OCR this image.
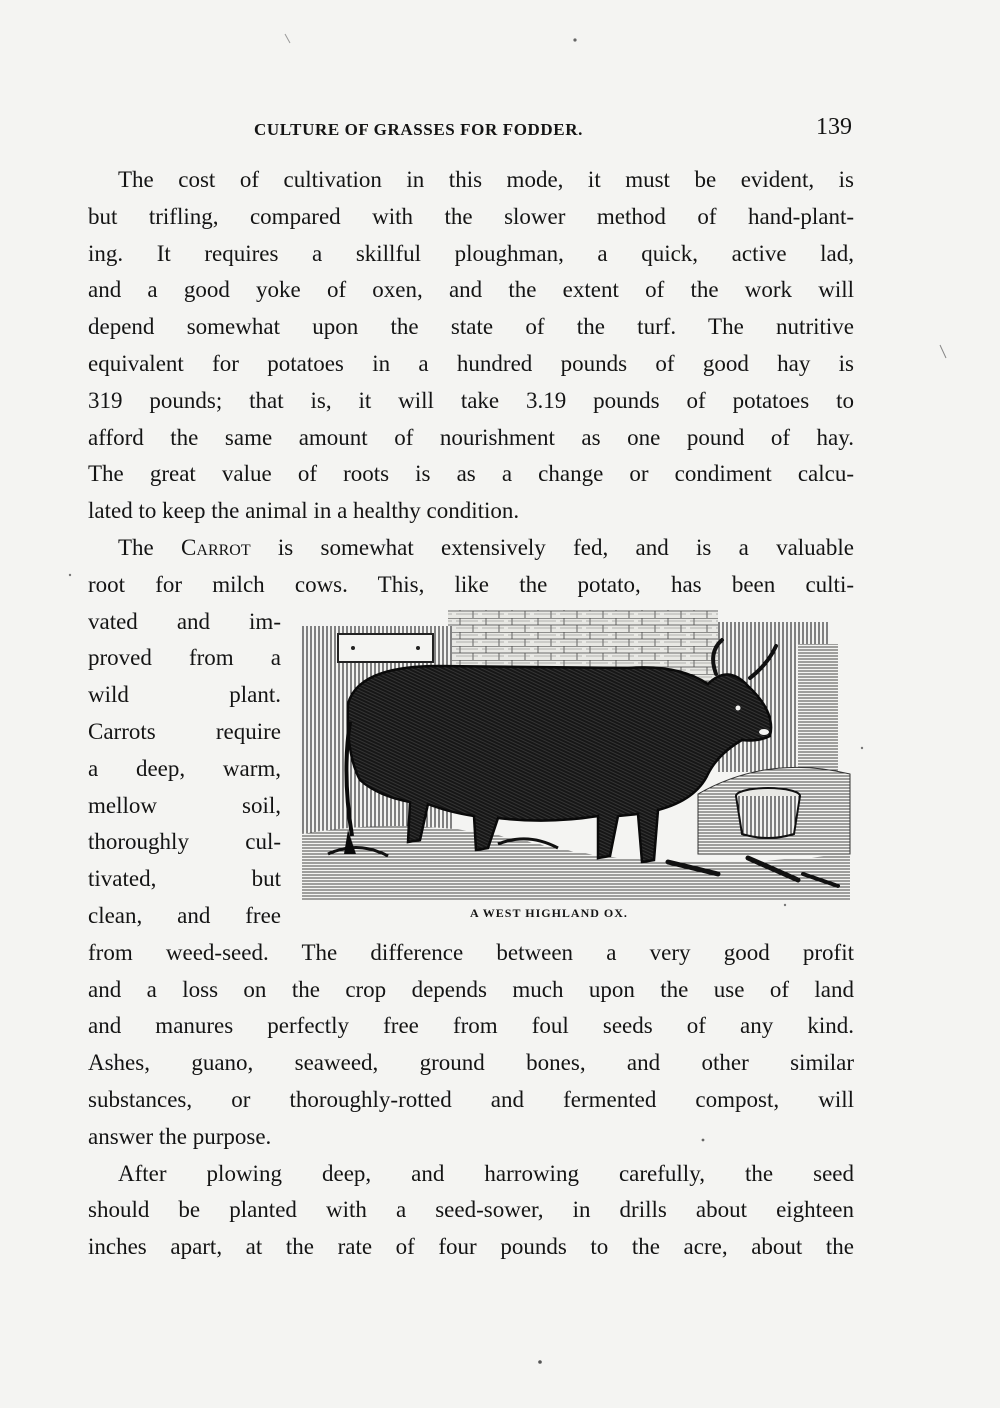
CULTURE OF GRASSES FOR FODDER.	139
The cost of cultivation in this mode, it must be evident, is
but trifling, compared with the slower method of hand-plant-
ing. It requires a skillful ploughman, a quick, active lad,
and a good yoke of oxen, and the extent of the work will
depend somewhat upon the state of the turf. The nutritive
equivalent for potatoes in a hundred pounds of good hay is
319 pounds; that is, it will take 3.19 pounds of potatoes to
afford the same amount of nourishment as one pound of hay.
The great value of roots is as a change or condiment calcu-
lated to keep the animal in a healthy condition.
The Carrot is somewhat extensively fed, and is a valuable
root for milch cows. This, like the potato, has been culti-
vated and im-
proved from a
wild plant.
Carrots require
a deep, warm,
mellow soil,
thoroughly cul-
tivated, but
clean, and free
from weed-seed. The difference between a very good profit
and a loss on the crop depends much upon the use of land
and manures perfectly free from foul seeds of any kind.
Ashes, guano, seaweed, ground bones, and other similar
substances, or thoroughly-rotted and fermented compost, will
answer the purpose.
After plowing deep, and harrowing carefully, the seed
should be planted with a seed-sower, in drills about eighteen
inches apart, at the rate of four pounds to the acre, about the
A WEST HIGHLAND OX.
